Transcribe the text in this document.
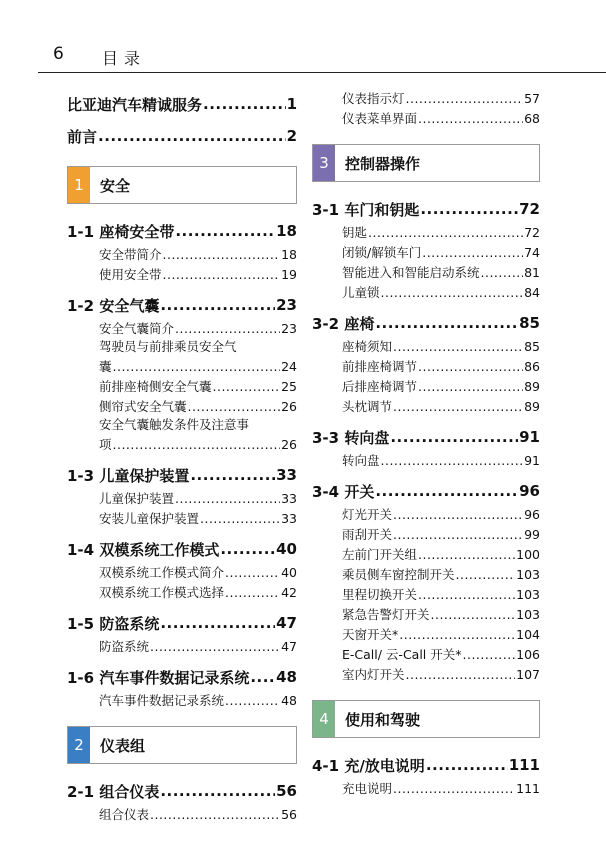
6 目录
比亚迪汽车精诚服务 .....	1
前言 .....	2
1	安全
1-1 座椅安全带 .....	18
安全带简介 .....	18
使用安全带 .....	19
1-2 安全气囊 .....	23
安全气囊简介 .....	23
驾驶员与前排乘员安全气
囊 .....	24
前排座椅侧安全气囊 .....	25
侧帘式安全气囊 .....	26
安全气囊触发条件及注意事
项 .....	26
1-3 儿童保护装置 .....	33
儿童保护装置 .....	33
安装儿童保护装置 .....	33
1-4 双模系统工作模式 .....	40
双模系统工作模式简介 .....	40
双模系统工作模式选择 .....	42
1-5 防盗系统 .....	47
防盗系统 .....	47
1-6 汽车事件数据记录系统 ..... 48
汽车事件数据记录系统 .....	48
2	仪表组
2-1 组合仪表 .....	56
组合仪表 .....	56
仪表指示灯 .....	57
仪表菜单界面 .....	68
3	控制器操作
3-1 车门和钥匙 .....	72
钥匙 .....	72
闭锁/解锁车门 .....	74
智能进入和智能启动系统 .....	81
儿童锁 .....	84
3-2 座椅 .....	85
座椅须知 .....	85
前排座椅调节 .....	86
后排座椅调节 .....	89
头枕调节 .....	89
3-3 转向盘 .....	91
转向盘 .....	91
3-4 开关 .....	96
灯光开关 .....	96
雨刮开关 .....	99
左前门开关组 .....	100
乘员侧车窗控制开关 .....	103
里程切换开关 .....	103
紧急告警灯开关 .....	103
天窗开关* .....	104
E-Call/ 云-Call 开关* .....	106
室内灯开关 .....	107
4	使用和驾驶
4-1 充/放电说明 .....	111
充电说明 .....	111
